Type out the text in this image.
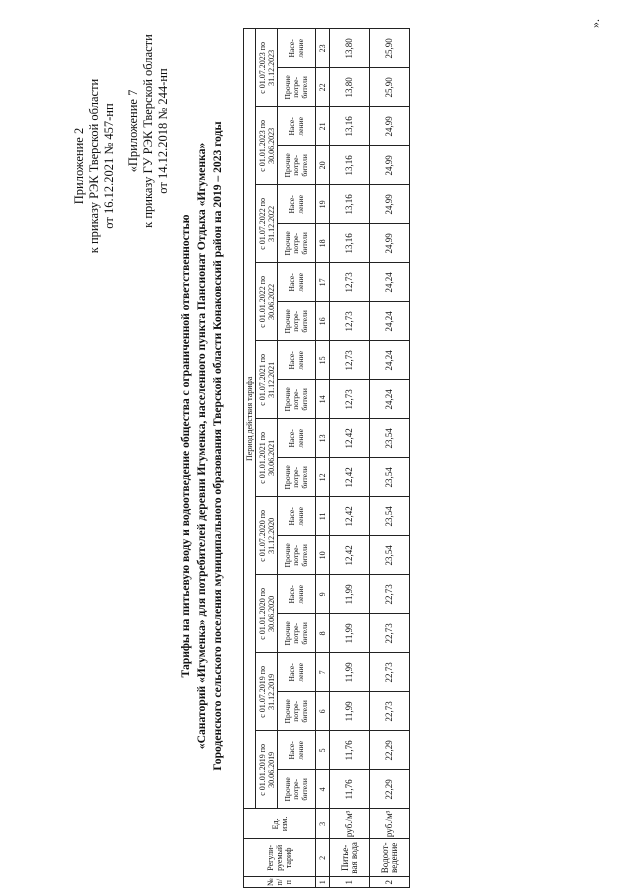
Приложение 2 к приказу РЭК Тверской области от 16.12.2021 № 457-нп «Приложение 7 к приказу ГУ РЭК Тверской области от 14.12.2018 № 244-нп
Тарифы на питьевую воду и водоотведение общества с ограниченной ответственностью «Санаторий «Игуменка» для потребителей деревни Игуменка, населенного пункта Пансионат Отдыха «Игуменка» Городенского сельского поселения муниципального образования Тверской области Конаковский район на 2019 – 2023 годы
№ п/п	Регули-руемый тариф	Ед. изм.	Период действия тарифа																			
			с 01.01.2019 по 30.06.2019		с 01.07.2019 по 31.12.2019		с 01.01.2020 по 30.06.2020		с 01.07.2020 по 31.12.2020		с 01.01.2021 по 30.06.2021		с 01.07.2021 по 31.12.2021		с 01.01.2022 по 30.06.2022		с 01.07.2022 по 31.12.2022		с 01.01.2023 по 30.06.2023		с 01.07.2023 по 31.12.2023	
			Прочие потре-бители	Насе-ление	Прочие потре-бители	Насе-ление	Прочие потре-бители	Насе-ление	Прочие потре-бители	Насе-ление	Прочие потре-бители	Насе-ление	Прочие потре-бители	Насе-ление	Прочие потре-бители	Насе-ление	Прочие потре-бители	Насе-ление	Прочие потре-бители	Насе-ление	Прочие потре-бители	Насе-ление
1	2	3	4	5	6	7	8	9	10	11	12	13	14	15	16	17	18	19	20	21	22	23
1	Питье-вая вода	руб./м³	11,76	11,76	11,99	11,99	11,99	11,99	12,42	12,42	12,42	12,42	12,73	12,73	12,73	12,73	13,16	13,16	13,16	13,16	13,80	13,80
2	Водоот-ведение	руб./м³	22,29	22,29	22,73	22,73	22,73	22,73	23,54	23,54	23,54	23,54	24,24	24,24	24,24	24,24	24,99	24,99	24,99	24,99	25,90	25,90
».
